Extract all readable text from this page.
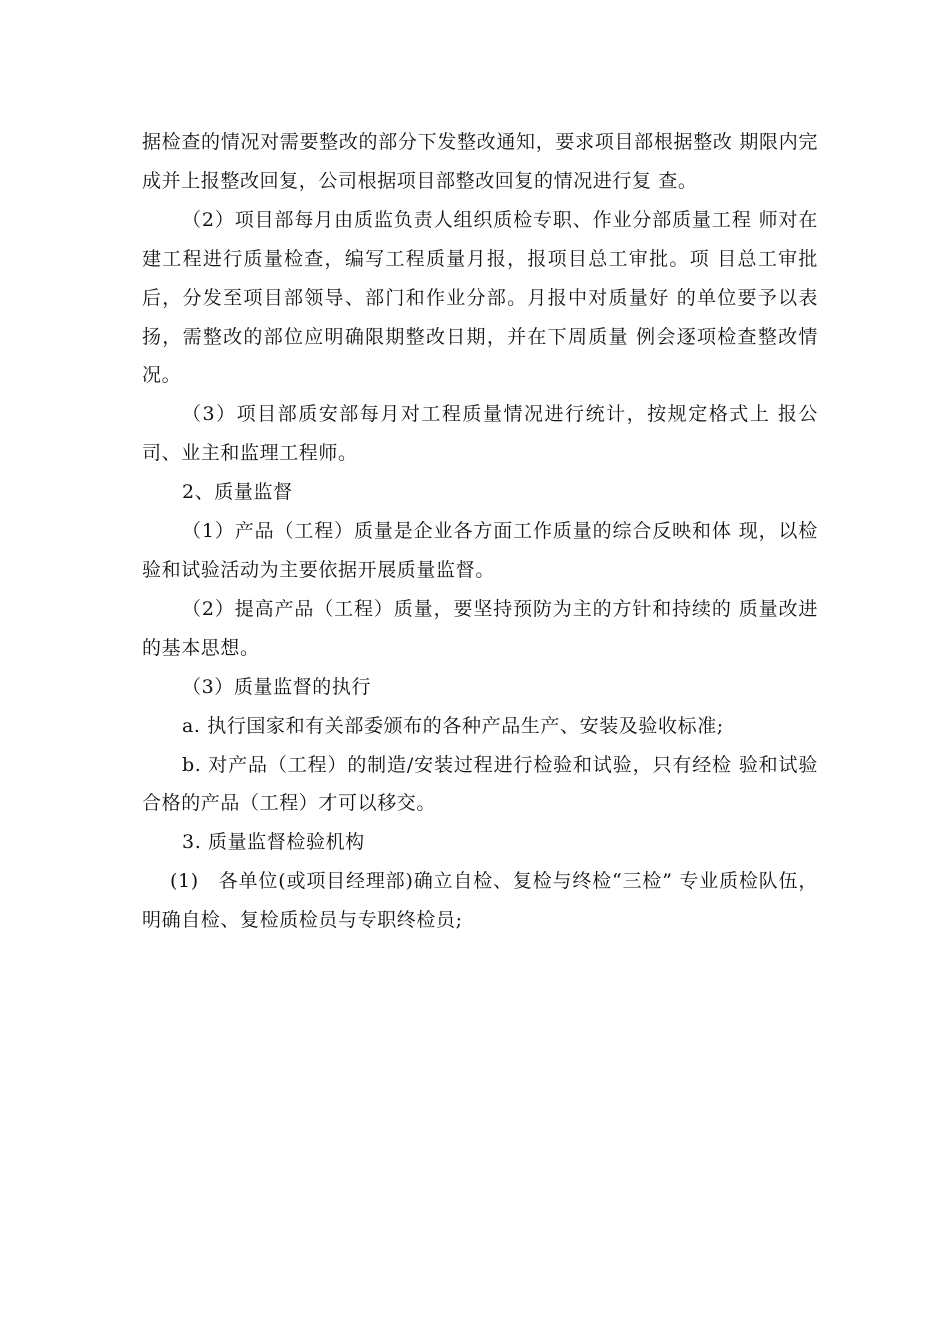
据检查的情况对需要整改的部分下发整改通知，要求项目部根据整改 期限内完成并上报整改回复，公司根据项目部整改回复的情况进行复 查。

（2）项目部每月由质监负责人组织质检专职、作业分部质量工程 师对在建工程进行质量检查，编写工程质量月报，报项目总工审批。项 目总工审批后，分发至项目部领导、部门和作业分部。月报中对质量好 的单位要予以表扬，需整改的部位应明确限期整改日期，并在下周质量 例会逐项检查整改情况。

（3）项目部质安部每月对工程质量情况进行统计，按规定格式上 报公司、业主和监理工程师。

2、质量监督

（1）产品（工程）质量是企业各方面工作质量的综合反映和体 现，以检验和试验活动为主要依据开展质量监督。

（2）提高产品（工程）质量，要坚持预防为主的方针和持续的 质量改进的基本思想。

（3）质量监督的执行

a. 执行国家和有关部委颁布的各种产品生产、安装及验收标准;

b. 对产品（工程）的制造/安装过程进行检验和试验，只有经检 验和试验合格的产品（工程）才可以移交。

3. 质量监督检验机构

(1)　各单位(或项目经理部)确立自检、复检与终检“三检” 专业质检队伍，明确自检、复检质检员与专职终检员;
